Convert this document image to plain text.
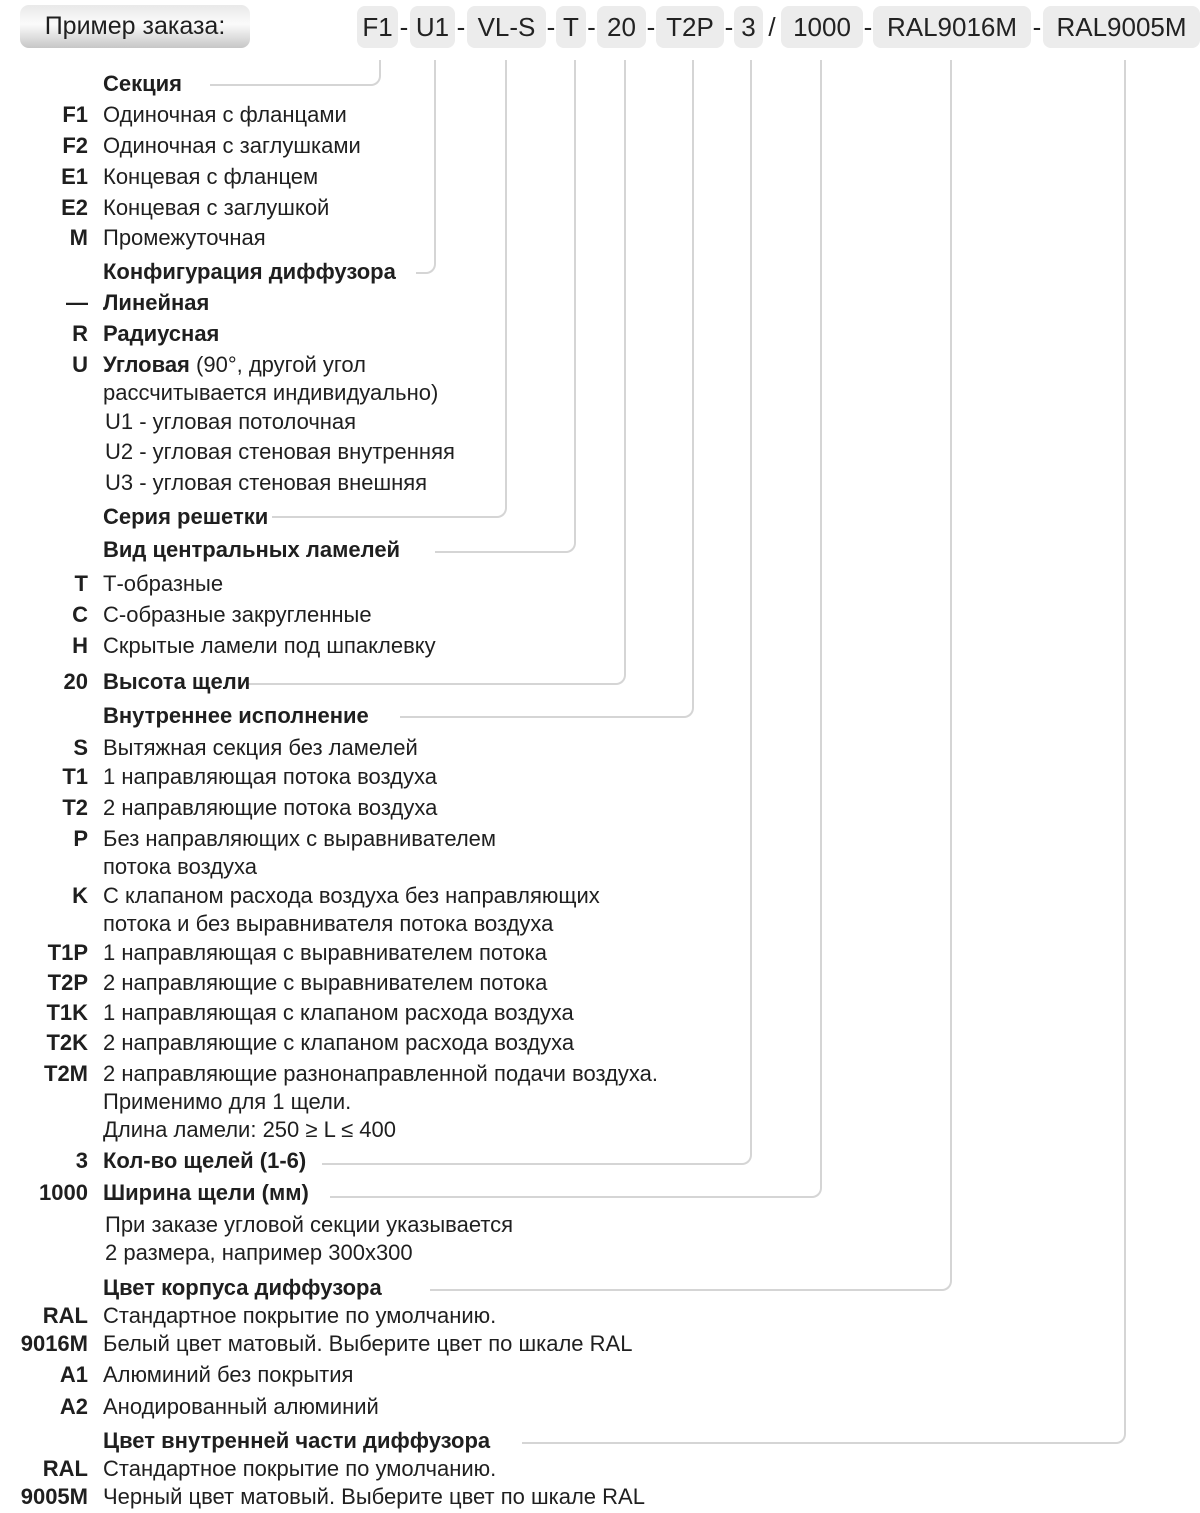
Пример заказа:	F1 - U1 - VL-S - T - 20 - T2P - 3 / 1000 - RAL9016M - RAL9005M
Секция
F1 Одиночная с фланцами
F2 Одиночная с заглушками
E1 Концевая с фланцем
E2 Концевая с заглушкой
M Промежуточная
Конфигурация диффузора
— Линейная
R Радиусная
U Угловая (90°, другой угол
рассчитывается индивидуально)
U1 - угловая потолочная
U2 - угловая стеновая внутренняя
U3 - угловая стеновая внешняя
Серия решетки
Вид центральных ламелей
T Т-образные
C С-образные закругленные
H Скрытые ламели под шпаклевку
20 Высота щели
Внутреннее исполнение
S Вытяжная секция без ламелей
T1 1 направляющая потока воздуха
T2 2 направляющие потока воздуха
P Без направляющих с выравнивателем
потока воздуха
K С клапаном расхода воздуха без направляющих
потока и без выравнивателя потока воздуха
T1P 1 направляющая с выравнивателем потока
T2P 2 направляющие с выравнивателем потока
T1K 1 направляющая с клапаном расхода воздуха
T2K 2 направляющие с клапаном расхода воздуха
T2M 2 направляющие разнонаправленной подачи воздуха.
Применимо для 1 щели.
Длина ламели: 250 ≥ L ≤ 400
3 Кол-во щелей (1-6)
1000 Ширина щели (мм)
При заказе угловой секции указывается
2 размера, например 300х300
Цвет корпуса диффузора
RAL
9016M
Стандартное покрытие по умолчанию.
Белый цвет матовый. Выберите цвет по шкале RAL
A1 Алюминий без покрытия
A2 Анодированный алюминий
Цвет внутренней части диффузора
RAL
9005M
Стандартное покрытие по умолчанию.
Черный цвет матовый. Выберите цвет по шкале RAL
